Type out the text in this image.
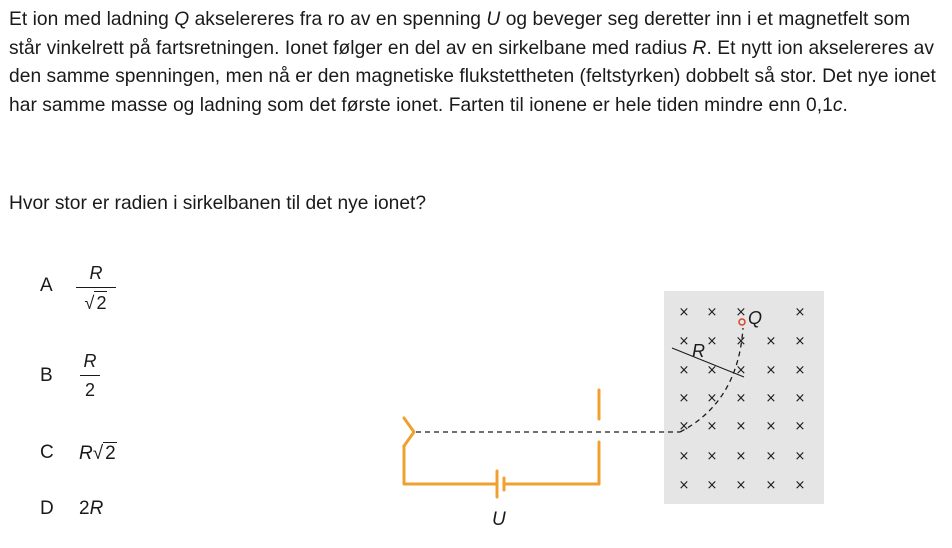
Et ion med ladning Q akselereres fra ro av en spenning U og beveger seg deretter inn i et magnetfelt som står vinkelrett på fartsretningen. Ionet følger en del av en sirkelbane med radius R. Et nytt ion akselereres av den samme spenningen, men nå er den magnetiske flukstettheten (feltstyrken) dobbelt så stor. Det nye ionet har samme masse og ladning som det første ionet. Farten til ionene er hele tiden mindre enn 0,1c.
Hvor stor er radien i sirkelbanen til det nye ionet?
A
R
√ 2
B
R
2
C R√ 2
D 2R
× × ×	×
× × × × ×
× × × × ×
× × × × ×
× × × × ×
× × × × ×
× × × × ×
Q
R
U
